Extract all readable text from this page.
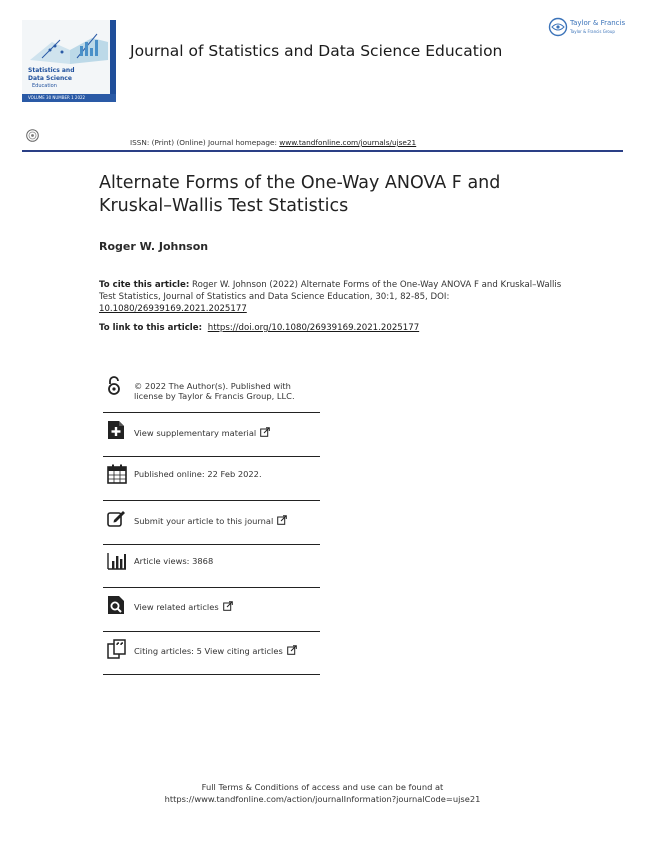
Statistics and
Data Science
Education
VOLUME 30 NUMBER 1 2022
Journal of Statistics and Data Science Education
Taylor & Francis
Taylor & Francis Group
ISSN: (Print) (Online) Journal homepage: www.tandfonline.com/journals/ujse21
Alternate Forms of the One-Way ANOVA F and
Kruskal–Wallis Test Statistics
Roger W. Johnson
To cite this article: Roger W. Johnson (2022) Alternate Forms of the One-Way ANOVA F and Kruskal–Wallis Test Statistics, Journal of Statistics and Data Science Education, 30:1, 82-85, DOI: 10.1080/26939169.2021.2025177
To link to this article: https://doi.org/10.1080/26939169.2021.2025177
© 2022 The Author(s). Published with
license by Taylor & Francis Group, LLC.
View supplementary material
Published online: 22 Feb 2022.
Submit your article to this journal
Article views: 3868
View related articles
Citing articles: 5 View citing articles
Full Terms & Conditions of access and use can be found at
https://www.tandfonline.com/action/journalInformation?journalCode=ujse21
